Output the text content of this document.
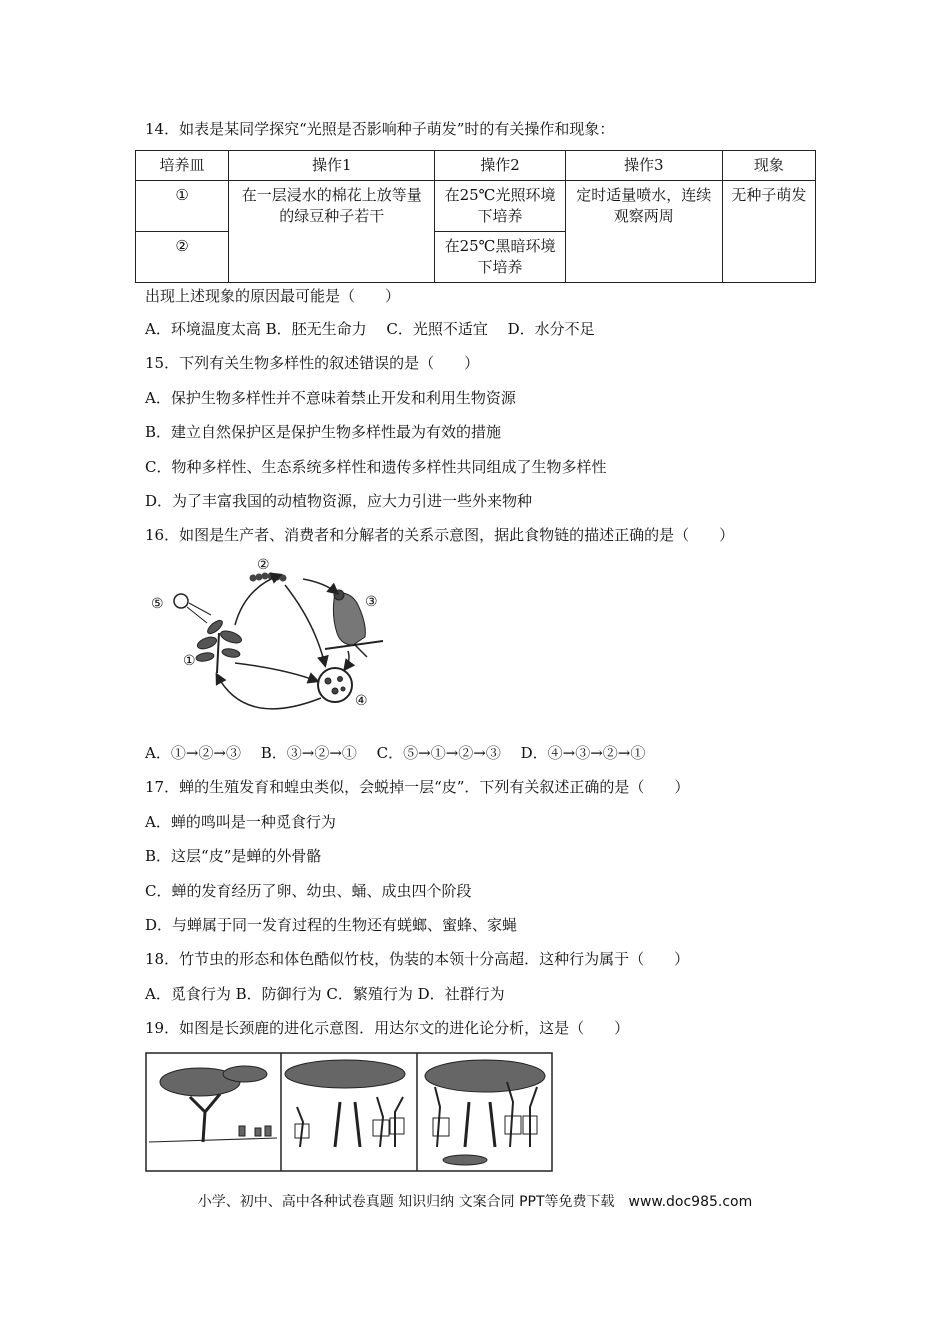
14．如表是某同学探究“光照是否影响种子萌发”时的有关操作和现象：
培养皿	操作1	操作2	操作3	现象
①	在一层浸水的棉花上放等量的绿豆种子若干	在25℃光照环境下培养	定时适量喷水，连续观察两周	无种子萌发
②		在25℃黑暗环境下培养		
出现上述现象的原因最可能是（　　）
A．环境温度太高 B．胚无生命力　 C．光照不适宜　 D．水分不足
15．下列有关生物多样性的叙述错误的是（　　）
A．保护生物多样性并不意味着禁止开发和利用生物资源
B．建立自然保护区是保护生物多样性最为有效的措施
C．物种多样性、生态系统多样性和遗传多样性共同组成了生物多样性
D．为了丰富我国的动植物资源，应大力引进一些外来物种
16．如图是生产者、消费者和分解者的关系示意图，据此食物链的描述正确的是（　　）
⑤
①
②
③
④
A．①→②→③　 B．③→②→①　 C．⑤→①→②→③　 D．④→③→②→①
17．蝉的生殖发育和蝗虫类似，会蜕掉一层“皮”．下列有关叙述正确的是（　　）
A．蝉的鸣叫是一种觅食行为
B．这层“皮”是蝉的外骨骼
C．蝉的发育经历了卵、幼虫、蛹、成虫四个阶段
D．与蝉属于同一发育过程的生物还有蜣螂、蜜蜂、家蝇
18．竹节虫的形态和体色酷似竹枝，伪装的本领十分高超．这种行为属于（　　）
A．觅食行为 B．防御行为 C．繁殖行为 D．社群行为
19．如图是长颈鹿的进化示意图．用达尔文的进化论分析，这是（　　）
小学、初中、高中各种试卷真题 知识归纳 文案合同 PPT等免费下载　www.doc985.com
